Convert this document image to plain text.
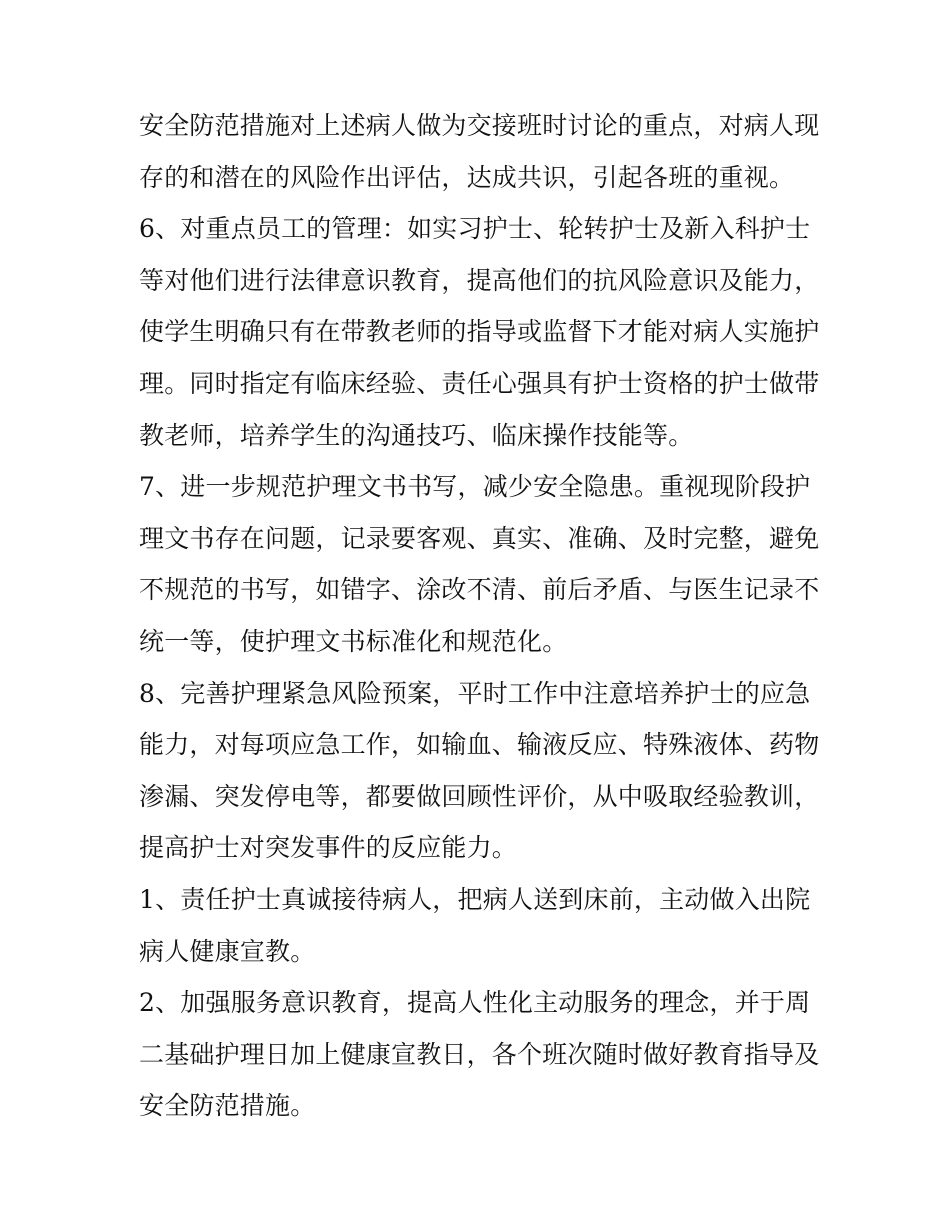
安全防范措施对上述病人做为交接班时讨论的重点，对病人现
存的和潜在的风险作出评估，达成共识，引起各班的重视。
6、对重点员工的管理：如实习护士、轮转护士及新入科护士
等对他们进行法律意识教育，提高他们的抗风险意识及能力，
使学生明确只有在带教老师的指导或监督下才能对病人实施护
理。同时指定有临床经验、责任心强具有护士资格的护士做带
教老师，培养学生的沟通技巧、临床操作技能等。
7、进一步规范护理文书书写，减少安全隐患。重视现阶段护
理文书存在问题，记录要客观、真实、准确、及时完整，避免
不规范的书写，如错字、涂改不清、前后矛盾、与医生记录不
统一等，使护理文书标准化和规范化。
8、完善护理紧急风险预案，平时工作中注意培养护士的应急
能力，对每项应急工作，如输血、输液反应、特殊液体、药物
渗漏、突发停电等，都要做回顾性评价，从中吸取经验教训，
提高护士对突发事件的反应能力。
1、责任护士真诚接待病人，把病人送到床前，主动做入出院
病人健康宣教。
2、加强服务意识教育，提高人性化主动服务的理念，并于周
二基础护理日加上健康宣教日，各个班次随时做好教育指导及
安全防范措施。
